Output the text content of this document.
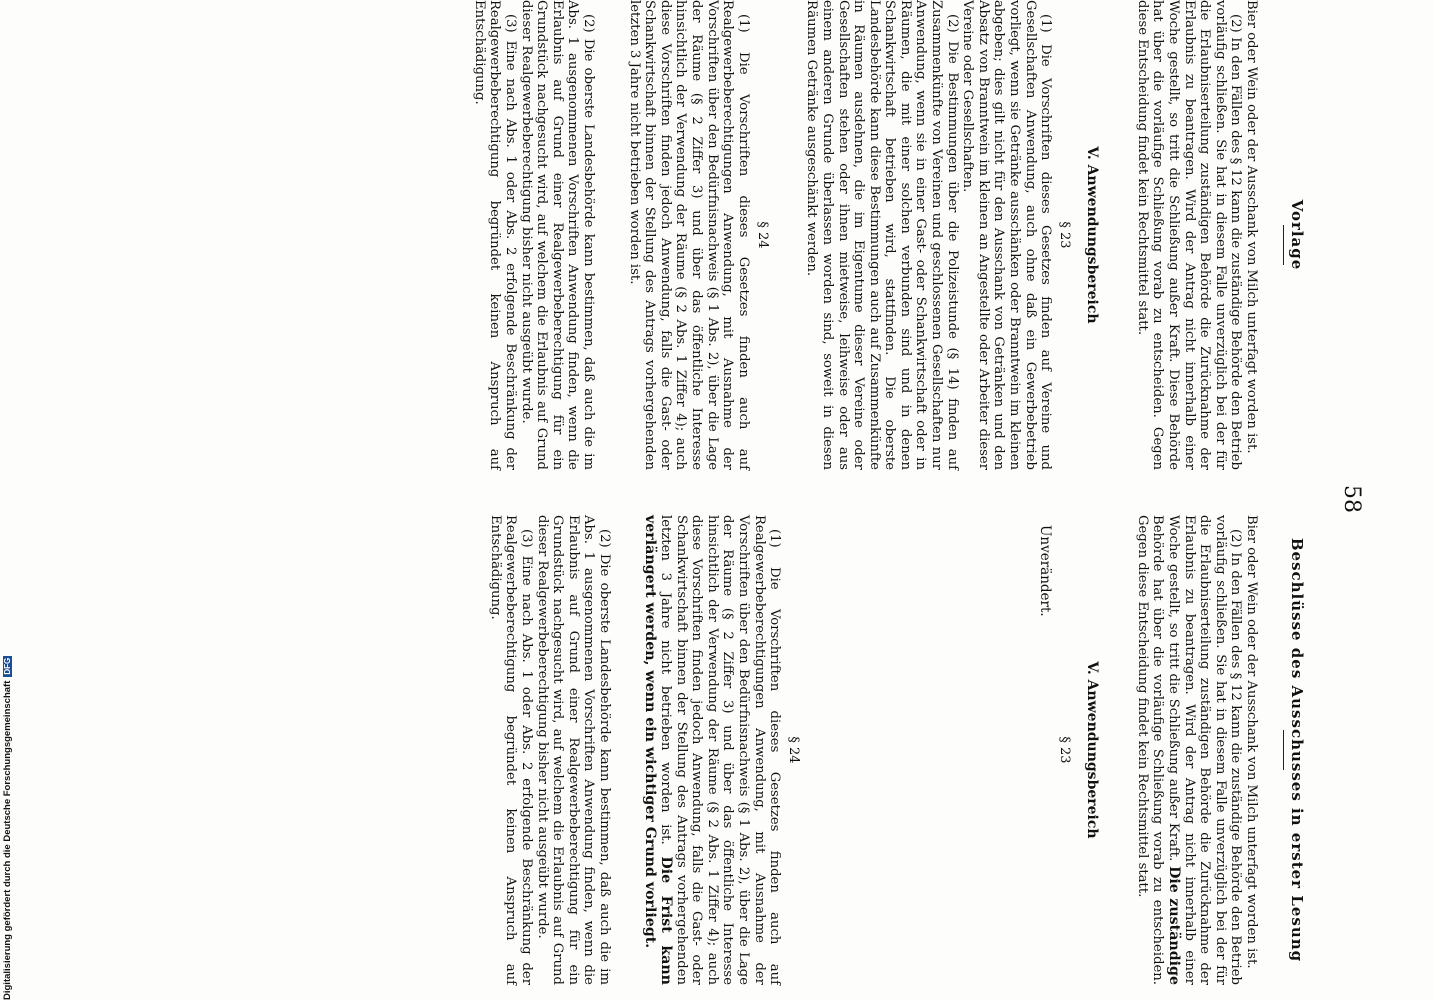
58
Vorlage
Beschlüsse des Ausschusses in erster Lesung

Bier oder Wein oder der Ausschank von Milch unterfagt worden ist.

(2) In den Fällen des § 12 kann die zuständige Behörde den Betrieb vorläufig schließen. Sie hat in diesem Falle unverzüglich bei der für die Erlaubniserteilung zuständigen Behörde die Zurücknahme der Erlaubnis zu beantragen. Wird der Antrag nicht innerhalb einer Woche gestellt, so tritt die Schließung außer Kraft. Diese Behörde hat über die vorläufige Schließung vorab zu entscheiden. Gegen diese Entscheidung findet kein Rechtsmittel statt.

V. Anwendungsbereich
§ 23

(1) Die Vorschriften dieses Gesetzes finden auf Vereine und Gesellschaften Anwendung, auch ohne daß ein Gewerbebetrieb vorliegt, wenn sie Getränke ausschänken oder Branntwein im kleinen abgeben; dies gilt nicht für den Ausschank von Getränken und den Absatz von Branntwein im kleinen an Angestellte oder Arbeiter dieser Vereine oder Gesellschaften.

(2) Die Bestimmungen über die Polizeistunde (§ 14) finden auf Zusammenkünfte von Vereinen und geschlossenen Gesellschaften nur Anwendung, wenn sie in einer Gast- oder Schankwirtschaft oder in Räumen, die mit einer solchen verbunden sind und in denen Schankwirtschaft betrieben wird, stattfinden. Die oberste Landesbehörde kann diese Bestimmungen auch auf Zusammenkünfte in Räumen ausdehnen, die im Eigentume dieser Vereine oder Gesellschaften stehen oder ihnen mietweise, leihweise oder aus einem anderen Grunde überlassen worden sind, soweit in diesen Räumen Getränke ausgeschänkt werden.

§ 24

(1) Die Vorschriften dieses Gesetzes finden auch auf Realgewerbeberechtigungen Anwendung, mit Ausnahme der Vorschriften über den Bedürfnisnachweis (§ 1 Abs. 2), über die Lage der Räume (§ 2 Ziffer 3) und über das öffentliche Interesse hinsichtlich der Verwendung der Räume (§ 2 Abs. 1 Ziffer 4); auch diese Vorschriften finden jedoch Anwendung, falls die Gast- oder Schankwirtschaft binnen der Stellung des Antrags vorhergehenden letzten 3 Jahre nicht betrieben worden ist.

(2) Die oberste Landesbehörde kann bestimmen, daß auch die im Abs. 1 ausgenommenen Vorschriften Anwendung finden, wenn die Erlaubnis auf Grund einer Realgewerbeberechtigung für ein Grundstück nachgesucht wird, auf welchem die Erlaubnis auf Grund dieser Realgewerbeberechtigung bisher nicht ausgeübt wurde.

(3) Eine nach Abs. 1 oder Abs. 2 erfolgende Beschränkung der Realgewerbeberechtigung begründet keinen Anspruch auf Entschädigung.

Bier oder Wein oder der Ausschank von Milch unterfagt worden ist.

(2) In den Fällen des § 12 kann die zuständige Behörde den Betrieb vorläufig schließen. Sie hat in diesem Falle unverzüglich bei der für die Erlaubniserteilung zuständigen Behörde die Zurücknahme der Erlaubnis zu beantragen. Wird der Antrag nicht innerhalb einer Woche gestellt, so tritt die Schließung außer Kraft. Die zuständige Behörde hat über die vorläufige Schließung vorab zu entscheiden. Gegen diese Entscheidung findet kein Rechtsmittel statt.

V. Anwendungsbereich
§ 23
Unverändert.
§ 24

(1) Die Vorschriften dieses Gesetzes finden auch auf Realgewerbeberechtigungen Anwendung, mit Ausnahme der Vorschriften über den Bedürfnisnachweis (§ 1 Abs. 2), über die Lage der Räume (§ 2 Ziffer 3) und über das öffentliche Interesse hinsichtlich der Verwendung der Räume (§ 2 Abs. 1 Ziffer 4); auch diese Vorschriften finden jedoch Anwendung, falls die Gast- oder Schankwirtschaft binnen der Stellung des Antrags vorhergehenden letzten 3 Jahre nicht betrieben worden ist. Die Frist kann verlängert werden, wenn ein wichtiger Grund vorliegt.

(2) Die oberste Landesbehörde kann bestimmen, daß auch die im Abs. 1 ausgenommenen Vorschriften Anwendung finden, wenn die Erlaubnis auf Grund einer Realgewerbeberechtigung für ein Grundstück nachgesucht wird, auf welchem die Erlaubnis auf Grund dieser Realgewerbeberechtigung bisher nicht ausgeübt wurde.

(3) Eine nach Abs. 1 oder Abs. 2 erfolgende Beschränkung der Realgewerbeberechtigung begründet keinen Anspruch auf Entschädigung.

Digitalisierung gefördert durch die Deutsche ForschungsgemeinschaftDFG
